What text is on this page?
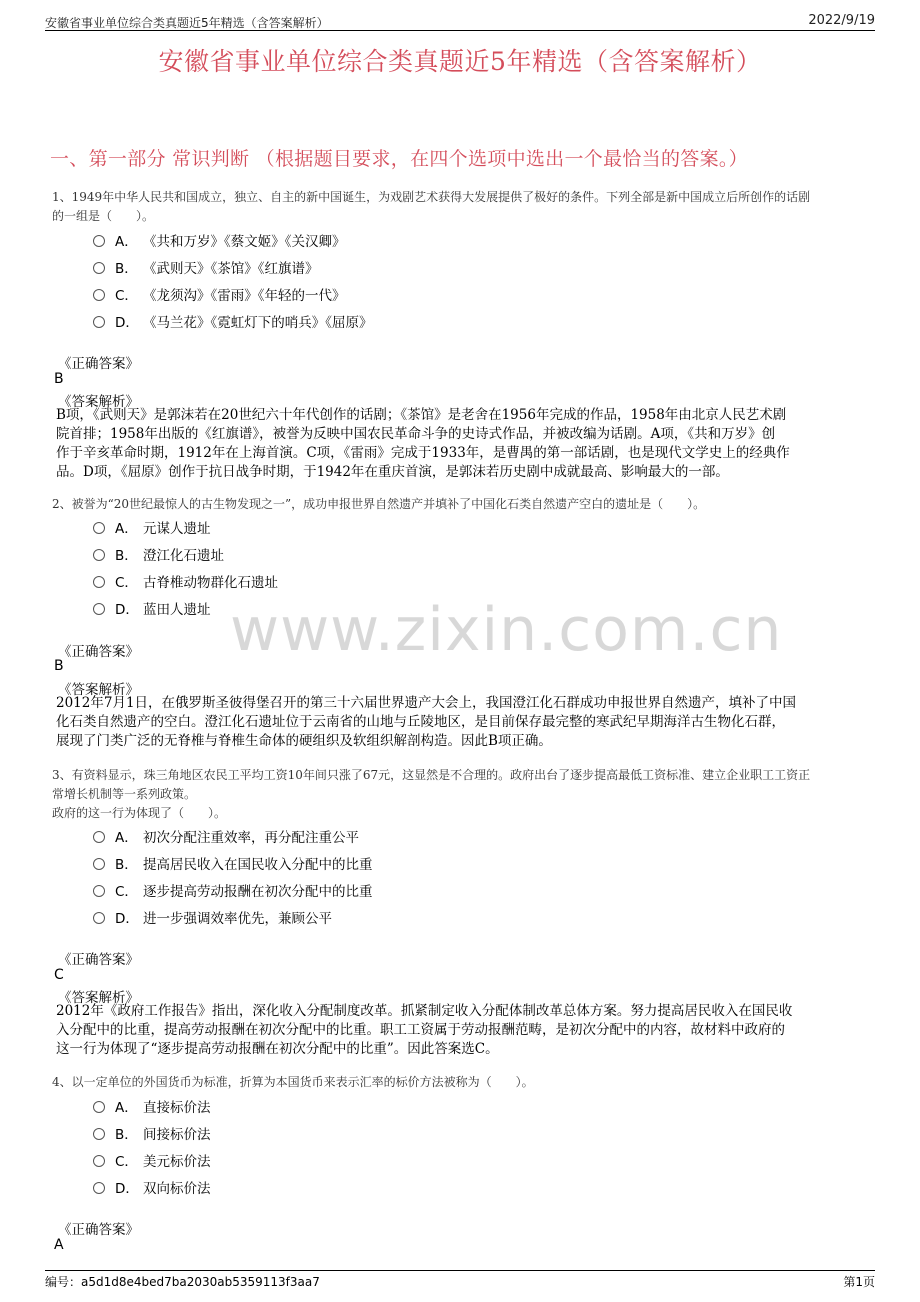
安徽省事业单位综合类真题近5年精选（含答案解析）	2022/9/19
安徽省事业单位综合类真题近5年精选（含答案解析）
一、第一部分 常识判断 （根据题目要求，在四个选项中选出一个最恰当的答案。）
www.zixin.com.cn
1、1949年中华人民共和国成立，独立、自主的新中国诞生，为戏剧艺术获得大发展提供了极好的条件。下列全部是新中国成立后所创作的话剧
的一组是（　　）。
A． 《共和万岁》《蔡文姬》《关汉卿》
B． 《武则天》《茶馆》《红旗谱》
C． 《龙须沟》《雷雨》《年轻的一代》
D． 《马兰花》《霓虹灯下的哨兵》《屈原》
《正确答案》
B
《答案解析》
B项，《武则天》是郭沫若在20世纪六十年代创作的话剧；《茶馆》是老舍在1956年完成的作品，1958年由北京人民艺术剧
院首排；1958年出版的《红旗谱》，被誉为反映中国农民革命斗争的史诗式作品，并被改编为话剧。A项，《共和万岁》创
作于辛亥革命时期，1912年在上海首演。C项，《雷雨》完成于1933年，是曹禺的第一部话剧，也是现代文学史上的经典作
品。D项，《屈原》创作于抗日战争时期，于1942年在重庆首演，是郭沫若历史剧中成就最高、影响最大的一部。
2、被誉为“20世纪最惊人的古生物发现之一”，成功申报世界自然遗产并填补了中国化石类自然遗产空白的遗址是（　　）。
A． 元谋人遗址
B． 澄江化石遗址
C． 古脊椎动物群化石遗址
D． 蓝田人遗址
《正确答案》
B
《答案解析》
2012年7月1日，在俄罗斯圣彼得堡召开的第三十六届世界遗产大会上，我国澄江化石群成功申报世界自然遗产，填补了中国
化石类自然遗产的空白。澄江化石遗址位于云南省的山地与丘陵地区，是目前保存最完整的寒武纪早期海洋古生物化石群，
展现了门类广泛的无脊椎与脊椎生命体的硬组织及软组织解剖构造。因此B项正确。
3、有资料显示，珠三角地区农民工平均工资10年间只涨了67元，这显然是不合理的。政府出台了逐步提高最低工资标准、建立企业职工工资正
常增长机制等一系列政策。
政府的这一行为体现了（　　）。
A． 初次分配注重效率，再分配注重公平
B． 提高居民收入在国民收入分配中的比重
C． 逐步提高劳动报酬在初次分配中的比重
D． 进一步强调效率优先，兼顾公平
《正确答案》
C
《答案解析》
2012年《政府工作报告》指出，深化收入分配制度改革。抓紧制定收入分配体制改革总体方案。努力提高居民收入在国民收
入分配中的比重，提高劳动报酬在初次分配中的比重。职工工资属于劳动报酬范畴，是初次分配中的内容，故材料中政府的
这一行为体现了“逐步提高劳动报酬在初次分配中的比重”。因此答案选C。
4、以一定单位的外国货币为标准，折算为本国货币来表示汇率的标价方法被称为（　　）。
A． 直接标价法
B． 间接标价法
C． 美元标价法
D． 双向标价法
《正确答案》
A
编号：a5d1d8e4bed7ba2030ab5359113f3aa7	第1页
